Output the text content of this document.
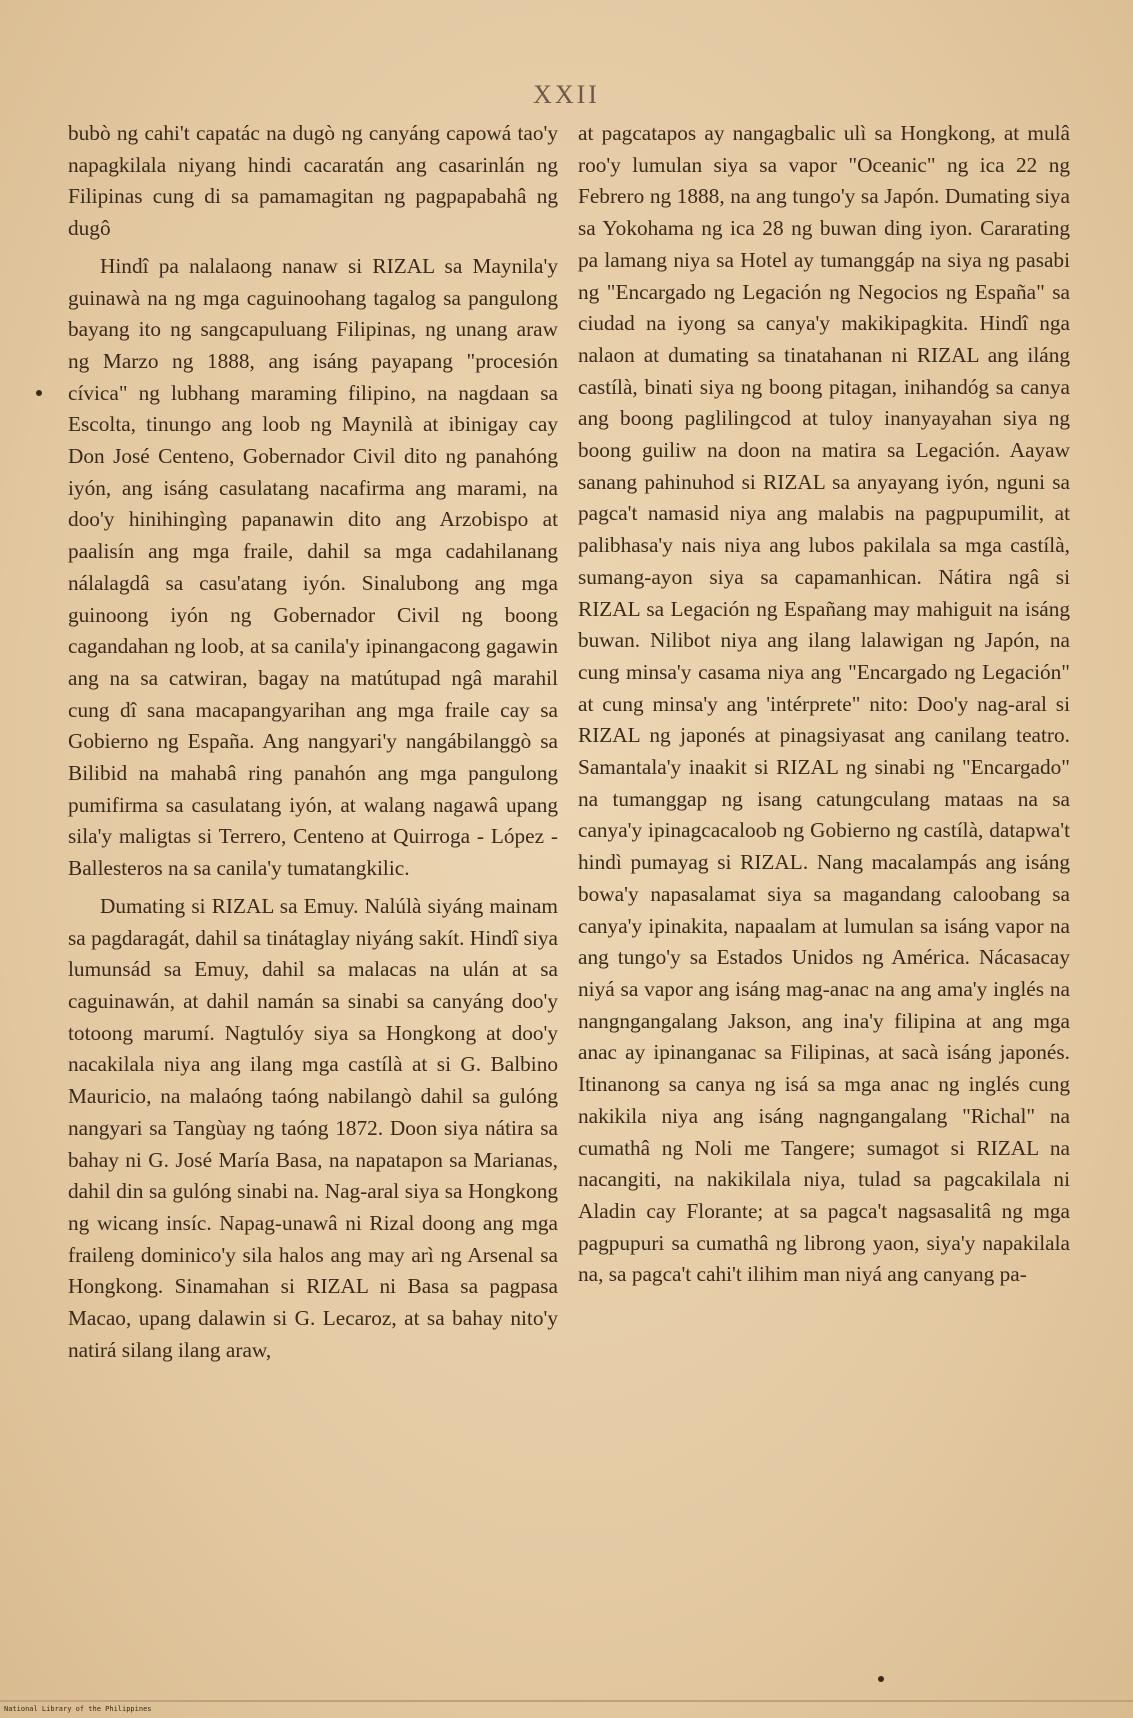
XXII

bubò ng cahi't capatác na dugò ng canyáng capowá tao'y napagkilala niyang hindi cacaratán ang casarinlán ng Filipinas cung di sa pamamagitan ng pagpapabahâ ng dugô

Hindî pa nalalaong nanaw si RIZAL sa Maynila'y guinawà na ng mga caguinoohang tagalog sa pangulong bayang ito ng sangcapuluang Filipinas, ng unang araw ng Marzo ng 1888, ang isáng payapang "procesión cívica" ng lubhang maraming filipino, na nagdaan sa Escolta, tinungo ang loob ng Maynilà at ibinigay cay Don José Centeno, Gobernador Civil dito ng panahóng iyón, ang isáng casulatang nacafirma ang marami, na doo'y hinihingìng papanawin dito ang Arzobispo at paalisín ang mga fraile, dahil sa mga cadahilanang nálalagdâ sa casu'atang iyón. Sinalubong ang mga guinoong iyón ng Gobernador Civil ng boong cagandahan ng loob, at sa canila'y ipinangacong gagawin ang na sa catwiran, bagay na matútupad ngâ marahil cung dî sana macapangyarihan ang mga fraile cay sa Gobierno ng España. Ang nangyari'y nangábilanggò sa Bilibid na mahabâ ring panahón ang mga pangulong pumifirma sa casulatang iyón, at walang nagawâ upang sila'y maligtas si Terrero, Centeno at Quirroga - López - Ballesteros na sa canila'y tumatangkilic.

Dumating si RIZAL sa Emuy. Nalúlà siyáng mainam sa pagdaragát, dahil sa tinátaglay niyáng sakít. Hindî siya lumunsád sa Emuy, dahil sa malacas na ulán at sa caguinawán, at dahil namán sa sinabi sa canyáng doo'y totoong marumí. Nagtulóy siya sa Hongkong at doo'y nacakilala niya ang ilang mga castílà at si G. Balbino Mauricio, na malaóng taóng nabilangò dahil sa gulóng nangyari sa Tangùay ng taóng 1872. Doon siya nátira sa bahay ni G. José María Basa, na napatapon sa Marianas, dahil din sa gulóng sinabi na. Nag-aral siya sa Hongkong ng wicang insíc. Napag-unawâ ni Rizal doong ang mga fraileng dominico'y sila halos ang may arì ng Arsenal sa Hongkong. Sinamahan si RIZAL ni Basa sa pagpasa Macao, upang dalawin si G. Lecaroz, at sa bahay nito'y natirá silang ilang araw,

at pagcatapos ay nangagbalic ulì sa Hongkong, at mulâ roo'y lumulan siya sa vapor "Oceanic" ng ica 22 ng Febrero ng 1888, na ang tungo'y sa Japón. Dumating siya sa Yokohama ng ica 28 ng buwan ding iyon. Cararating pa lamang niya sa Hotel ay tumanggáp na siya ng pasabi ng "Encargado ng Legación ng Negocios ng España" sa ciudad na iyong sa canya'y makikipagkita. Hindî nga nalaon at dumating sa tinatahanan ni RIZAL ang iláng castílà, binati siya ng boong pitagan, inihandóg sa canya ang boong paglilingcod at tuloy inanyayahan siya ng boong guiliw na doon na matira sa Legación. Aayaw sanang pahinuhod si RIZAL sa anyayang iyón, nguni sa pagca't namasid niya ang malabis na pagpupumilit, at palibhasa'y nais niya ang lubos pakilala sa mga castílà, sumang-ayon siya sa capamanhican. Nátira ngâ si RIZAL sa Legación ng Españang may mahiguit na isáng buwan. Nilibot niya ang ilang lalawigan ng Japón, na cung minsa'y casama niya ang "Encargado ng Legación" at cung minsa'y ang 'intérprete" nito: Doo'y nag-aral si RIZAL ng japonés at pinagsiyasat ang canilang teatro. Samantala'y inaakit si RIZAL ng sinabi ng "Encargado" na tumanggap ng isang catungculang mataas na sa canya'y ipinagcacaloob ng Gobierno ng castílà, datapwa't hindì pumayag si RIZAL. Nang macalampás ang isáng bowa'y napasalamat siya sa magandang caloobang sa canya'y ipinakita, napaalam at lumulan sa isáng vapor na ang tungo'y sa Estados Unidos ng América. Nácasacay niyá sa vapor ang isáng mag-anac na ang ama'y inglés na nangngangalang Jakson, ang ina'y filipina at ang mga anac ay ipinanganac sa Filipinas, at sacà isáng japonés. Itinanong sa canya ng isá sa mga anac ng inglés cung nakikila niya ang isáng nagngangalang "Richal" na cumathâ ng Noli me Tangere; sumagot si RIZAL na nacangiti, na nakikilala niya, tulad sa pagcakilala ni Aladin cay Florante; at sa pagca't nagsasalitâ ng mga pagpupuri sa cumathâ ng librong yaon, siya'y napakilala na, sa pagca't cahi't ilihim man niyá ang canyang pa-

National Library of the Philippines
